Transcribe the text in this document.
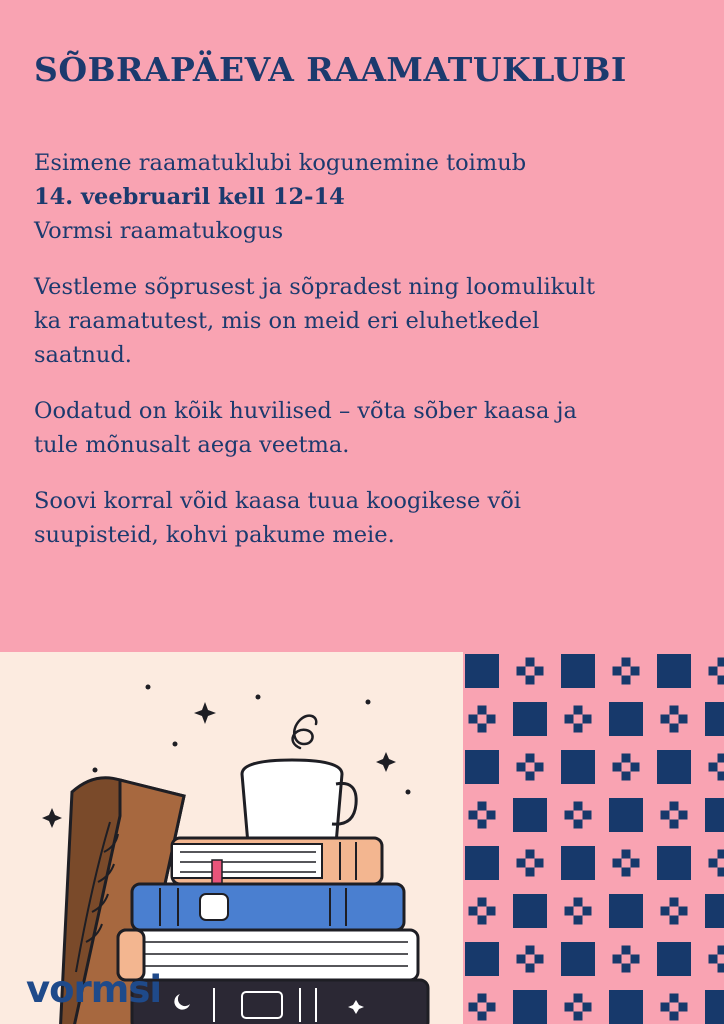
SÕBRAPÄEVA RAAMATUKLUBI

Esimene raamatuklubi kogunemine toimub
14. veebruaril kell 12-14
Vormsi raamatukogus

Vestleme sõprusest ja sõpradest ning loomulikult
ka raamatutest, mis on meid eri eluhetkedel
saatnud.

Oodatud on kõik huvilised – võta sõber kaasa ja
tule mõnusalt aega veetma.

Soovi korral võid kaasa tuua koogikese või
suupisteid, kohvi pakume meie.

vormsi
